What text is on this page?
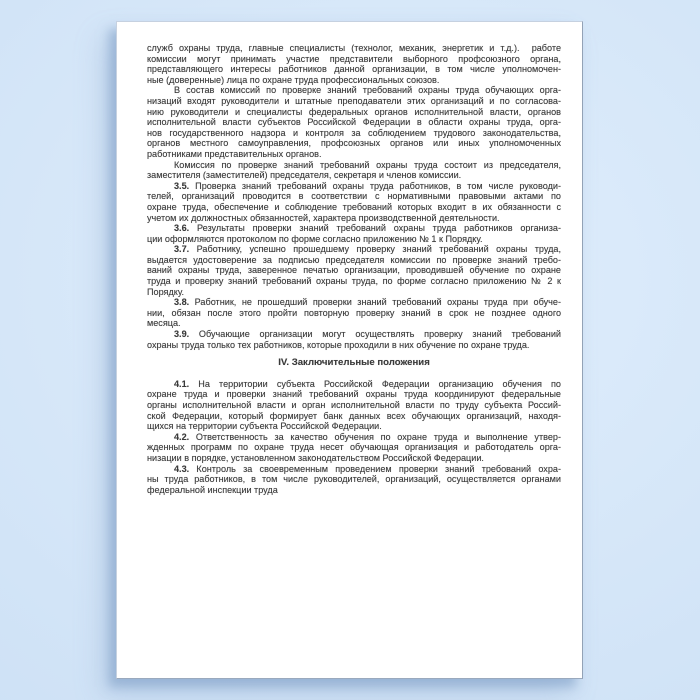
служб охраны труда, главные специалисты (технолог, механик, энергетик и т.д.).  работе
комиссии могут принимать участие представители выборного профсоюзного органа,
представляющего интересы работников данной организации, в том числе уполномочен-
ные (доверенные) лица по охране труда профессиональных союзов.
В состав комиссий по проверке знаний требований охраны труда обучающих орга-
низаций входят руководители и штатные преподаватели этих организаций и по согласова-
нию руководители и специалисты федеральных органов исполнительной власти, органов
исполнительной власти субъектов Российской Федерации в области охраны труда, орга-
нов государственного надзора и контроля за соблюдением трудового законодательства,
органов местного самоуправления, профсоюзных органов или иных уполномоченных
работниками представительных органов.
Комиссия по проверке знаний требований охраны труда состоит из председателя,
заместителя (заместителей) председателя, секретаря и членов комиссии.
3.5. Проверка знаний требований охраны труда работников, в том числе руководи-
телей, организаций проводится в соответствии с нормативными правовыми актами по
охране труда, обеспечение и соблюдение требований которых входит в их обязанности с
учетом их должностных обязанностей, характера производственной деятельности.
3.6. Результаты проверки знаний требований охраны труда работников организа-
ции оформляются протоколом по форме согласно приложению № 1 к Порядку.
3.7. Работнику, успешно прошедшему проверку знаний требований охраны труда,
выдается удостоверение за подписью председателя комиссии по проверке знаний требо-
ваний охраны труда, заверенное печатью организации, проводившей обучение по охране
труда и проверку знаний требований охраны труда, по форме согласно приложению № 2 к
Порядку.
3.8. Работник, не прошедший проверки знаний требований охраны труда при обуче-
нии, обязан после этого пройти повторную проверку знаний в срок не позднее одного
месяца.
3.9. Обучающие организации могут осуществлять проверку знаний требований
охраны труда только тех работников, которые проходили в них обучение по охране труда.
IV. Заключительные положения
4.1. На территории субъекта Российской Федерации организацию обучения по
охране труда и проверки знаний требований охраны труда координируют федеральные
органы исполнительной власти и орган исполнительной власти по труду субъекта Россий-
ской Федерации, который формирует банк данных всех обучающих организаций, находя-
щихся на территории субъекта Российской Федерации.
4.2. Ответственность за качество обучения по охране труда и выполнение утвер-
жденных программ по охране труда несет обучающая организация и работодатель орга-
низации в порядке, установленном законодательством Российской Федерации.
4.3. Контроль за своевременным проведением проверки знаний требований охра-
ны труда работников, в том числе руководителей, организаций, осуществляется органами
федеральной инспекции труда
